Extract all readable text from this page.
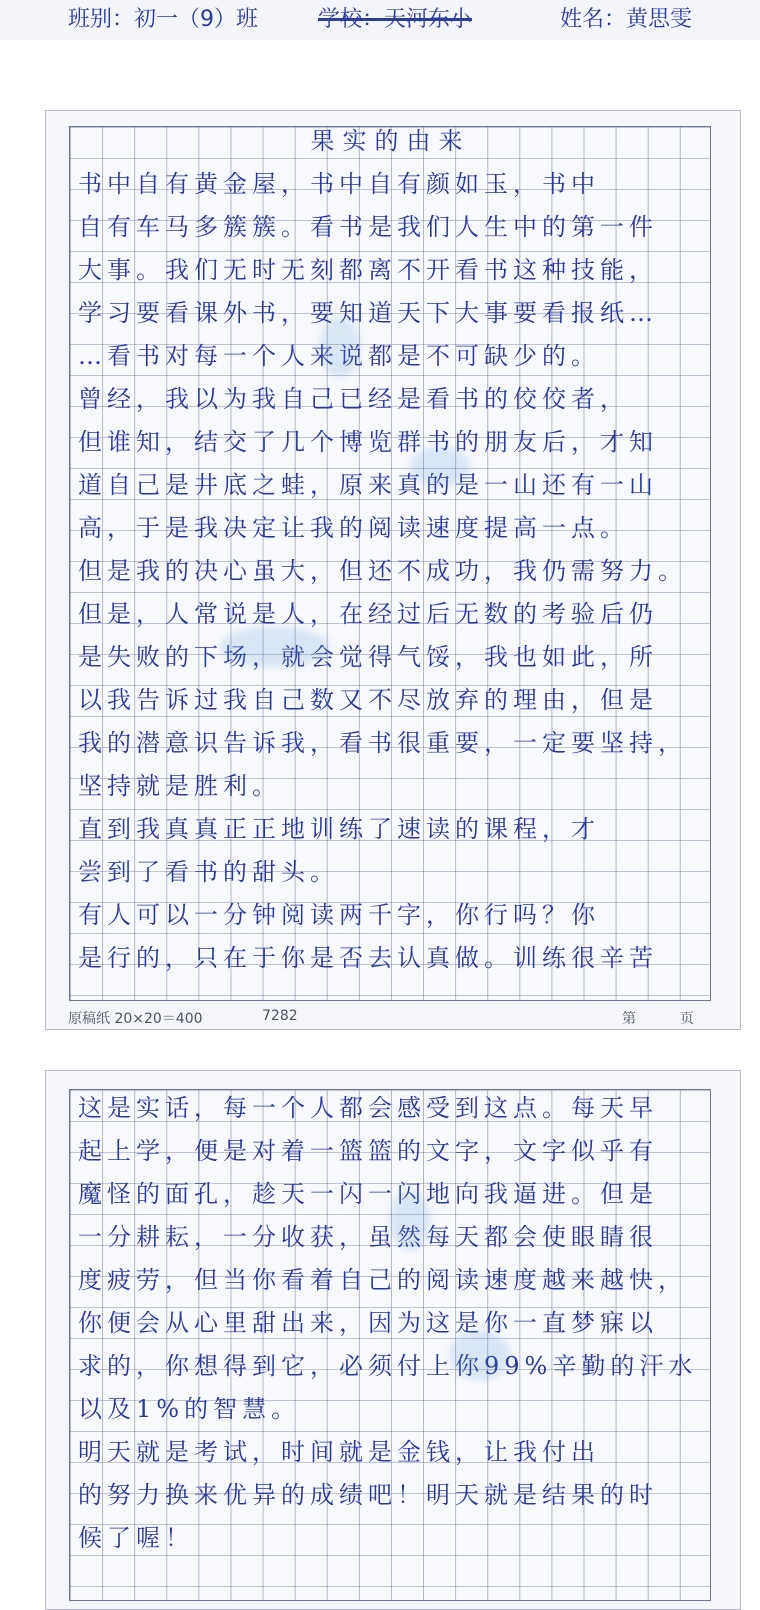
班别：初一（9）班	学校：天河东小	姓名：黄思雯
果实的由来
书中自有黄金屋，书中自有颜如玉，书中
自有车马多簇簇。看书是我们人生中的第一件
大事。我们无时无刻都离不开看书这种技能，
学习要看课外书，要知道天下大事要看报纸…
…看书对每一个人来说都是不可缺少的。
曾经，我以为我自己已经是看书的佼佼者，
但谁知，结交了几个博览群书的朋友后，才知
道自己是井底之蛙，原来真的是一山还有一山
高，于是我决定让我的阅读速度提高一点。
但是我的决心虽大，但还不成功，我仍需努力。
但是，人常说是人，在经过后无数的考验后仍
是失败的下场，就会觉得气馁，我也如此，所
以我告诉过我自己数又不尽放弃的理由，但是
我的潜意识告诉我，看书很重要，一定要坚持，
坚持就是胜利。
直到我真真正正地训练了速读的课程，才
尝到了看书的甜头。
有人可以一分钟阅读两千字，你行吗？你
是行的，只在于你是否去认真做。训练很辛苦
原稿纸 20×20＝400	7282	第	页
这是实话，每一个人都会感受到这点。每天早
起上学，便是对着一篮篮的文字，文字似乎有
魔怪的面孔，趁天一闪一闪地向我逼进。但是
一分耕耘，一分收获，虽然每天都会使眼睛很
度疲劳，但当你看着自己的阅读速度越来越快，
你便会从心里甜出来，因为这是你一直梦寐以
求的，你想得到它，必须付上你99%辛勤的汗水
以及1%的智慧。
明天就是考试，时间就是金钱，让我付出
的努力换来优异的成绩吧！明天就是结果的时
候了喔！
